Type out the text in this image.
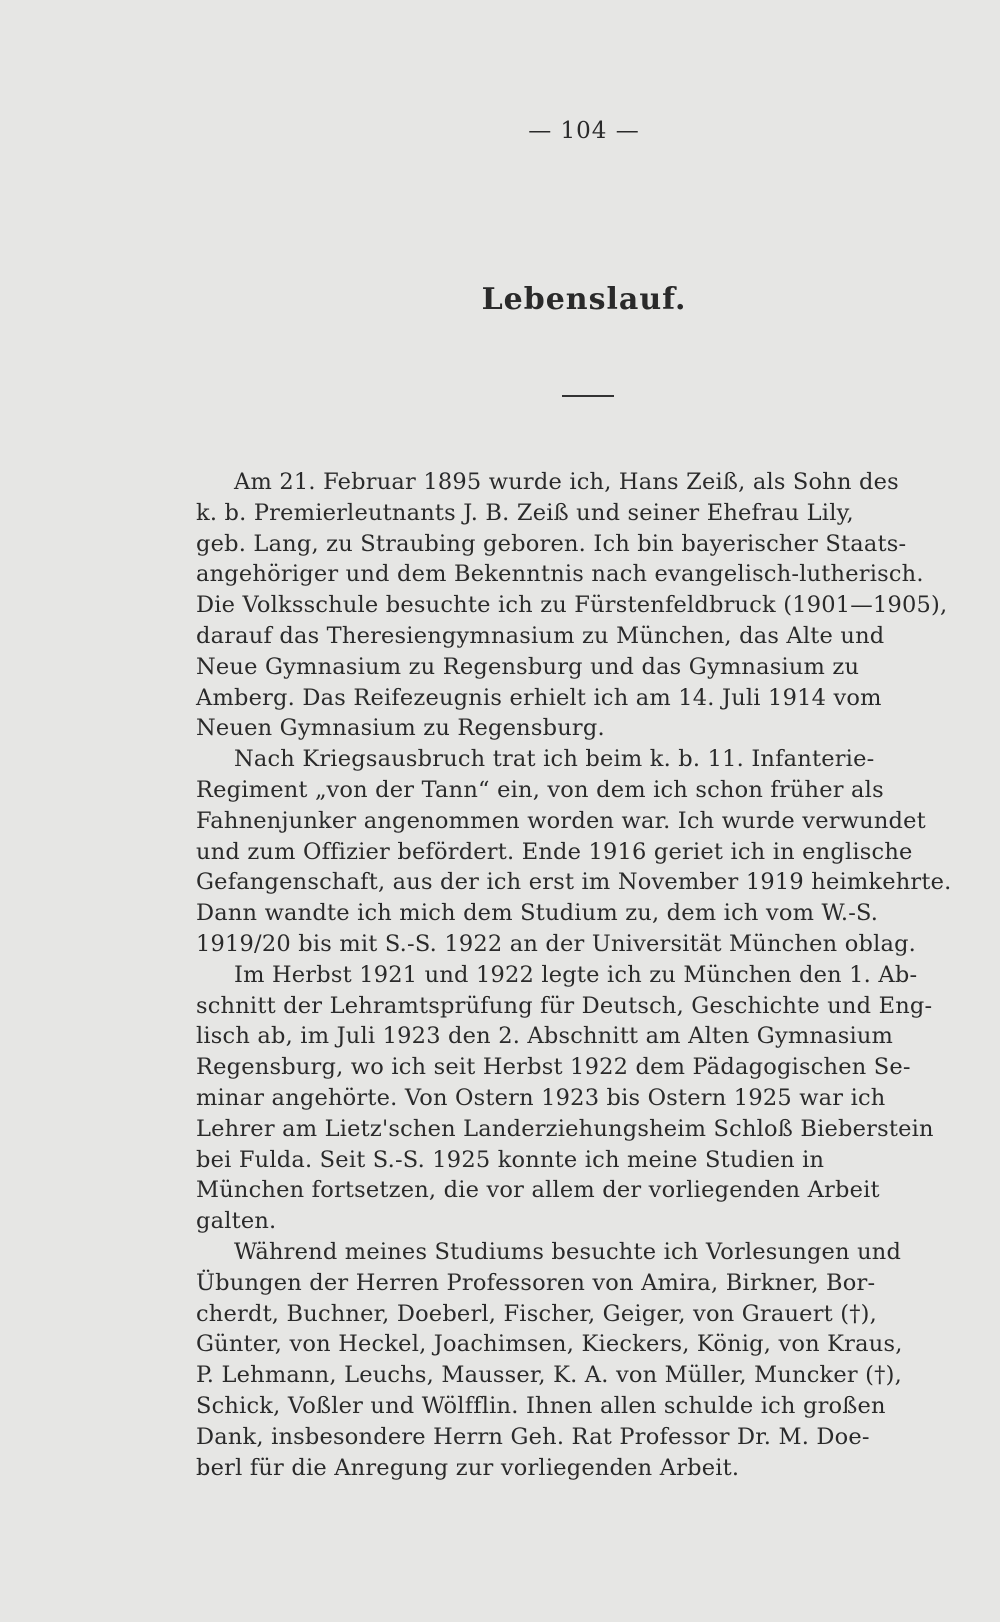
— 104 —
Lebenslauf.

Am 21. Februar 1895 wurde ich, Hans Zeiß, als Sohn des
k. b. Premierleutnants J. B. Zeiß und seiner Ehefrau Lily,
geb. Lang, zu Straubing geboren. Ich bin bayerischer Staats-
angehöriger und dem Bekenntnis nach evangelisch-lutherisch.
Die Volksschule besuchte ich zu Fürstenfeldbruck (1901—1905),
darauf das Theresiengymnasium zu München, das Alte und
Neue Gymnasium zu Regensburg und das Gymnasium zu
Amberg. Das Reifezeugnis erhielt ich am 14. Juli 1914 vom
Neuen Gymnasium zu Regensburg.

Nach Kriegsausbruch trat ich beim k. b. 11. Infanterie-
Regiment „von der Tann“ ein, von dem ich schon früher als
Fahnenjunker angenommen worden war. Ich wurde verwundet
und zum Offizier befördert. Ende 1916 geriet ich in englische
Gefangenschaft, aus der ich erst im November 1919 heimkehrte.
Dann wandte ich mich dem Studium zu, dem ich vom W.-S.
1919/20 bis mit S.-S. 1922 an der Universität München oblag.

Im Herbst 1921 und 1922 legte ich zu München den 1. Ab-
schnitt der Lehramtsprüfung für Deutsch, Geschichte und Eng-
lisch ab, im Juli 1923 den 2. Abschnitt am Alten Gymnasium
Regensburg, wo ich seit Herbst 1922 dem Pädagogischen Se-
minar angehörte. Von Ostern 1923 bis Ostern 1925 war ich
Lehrer am Lietz'schen Landerziehungsheim Schloß Bieberstein
bei Fulda. Seit S.-S. 1925 konnte ich meine Studien in
München fortsetzen, die vor allem der vorliegenden Arbeit
galten.

Während meines Studiums besuchte ich Vorlesungen und
Übungen der Herren Professoren von Amira, Birkner, Bor-
cherdt, Buchner, Doeberl, Fischer, Geiger, von Grauert (†),
Günter, von Heckel, Joachimsen, Kieckers, König, von Kraus,
P. Lehmann, Leuchs, Mausser, K. A. von Müller, Muncker (†),
Schick, Voßler und Wölfflin. Ihnen allen schulde ich großen
Dank, insbesondere Herrn Geh. Rat Professor Dr. M. Doe-
berl für die Anregung zur vorliegenden Arbeit.
